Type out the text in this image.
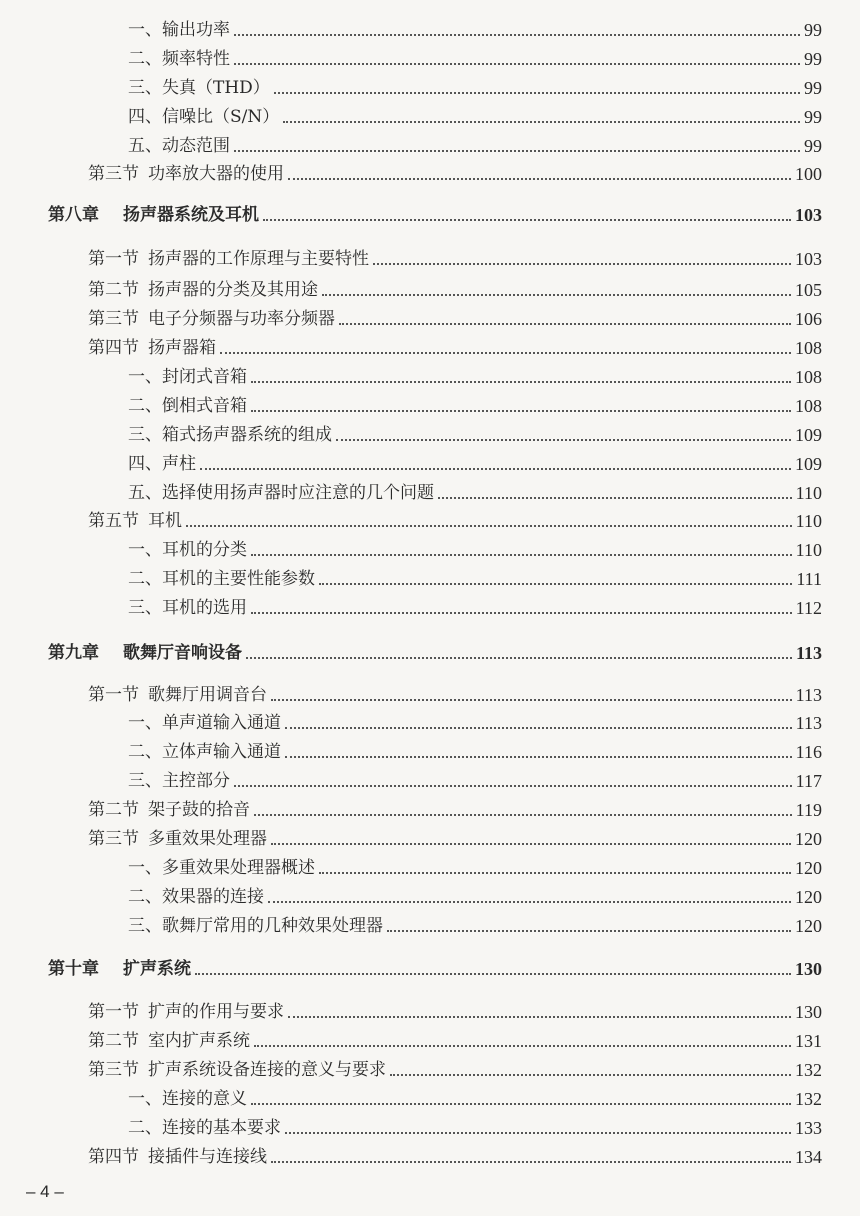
一、 输出功率	99
二、 频率特性	99
三、 失真（THD）	99
四、 信噪比（S/N）	99
五、 动态范围	99
第三节 功率放大器的使用	100
第八章 扬声器系统及耳机	103
第一节 扬声器的工作原理与主要特性	103
第二节 扬声器的分类及其用途	105
第三节 电子分频器与功率分频器	106
第四节 扬声器箱	108
一、 封闭式音箱	108
二、 倒相式音箱	108
三、 箱式扬声器系统的组成	109
四、 声柱	109
五、 选择使用扬声器时应注意的几个问题	110
第五节 耳机	110
一、 耳机的分类	110
二、 耳机的主要性能参数	111
三、 耳机的选用	112
第九章 歌舞厅音响设备	113
第一节 歌舞厅用调音台	113
一、 单声道输入通道	113
二、 立体声输入通道	116
三、 主控部分	117
第二节 架子鼓的拾音	119
第三节 多重效果处理器	120
一、 多重效果处理器概述	120
二、 效果器的连接	120
三、 歌舞厅常用的几种效果处理器	120
第十章 扩声系统	130
第一节 扩声的作用与要求	130
第二节 室内扩声系统	131
第三节 扩声系统设备连接的意义与要求	132
一、 连接的意义	132
二、 连接的基本要求	133
第四节 接插件与连接线	134
– 4 –
